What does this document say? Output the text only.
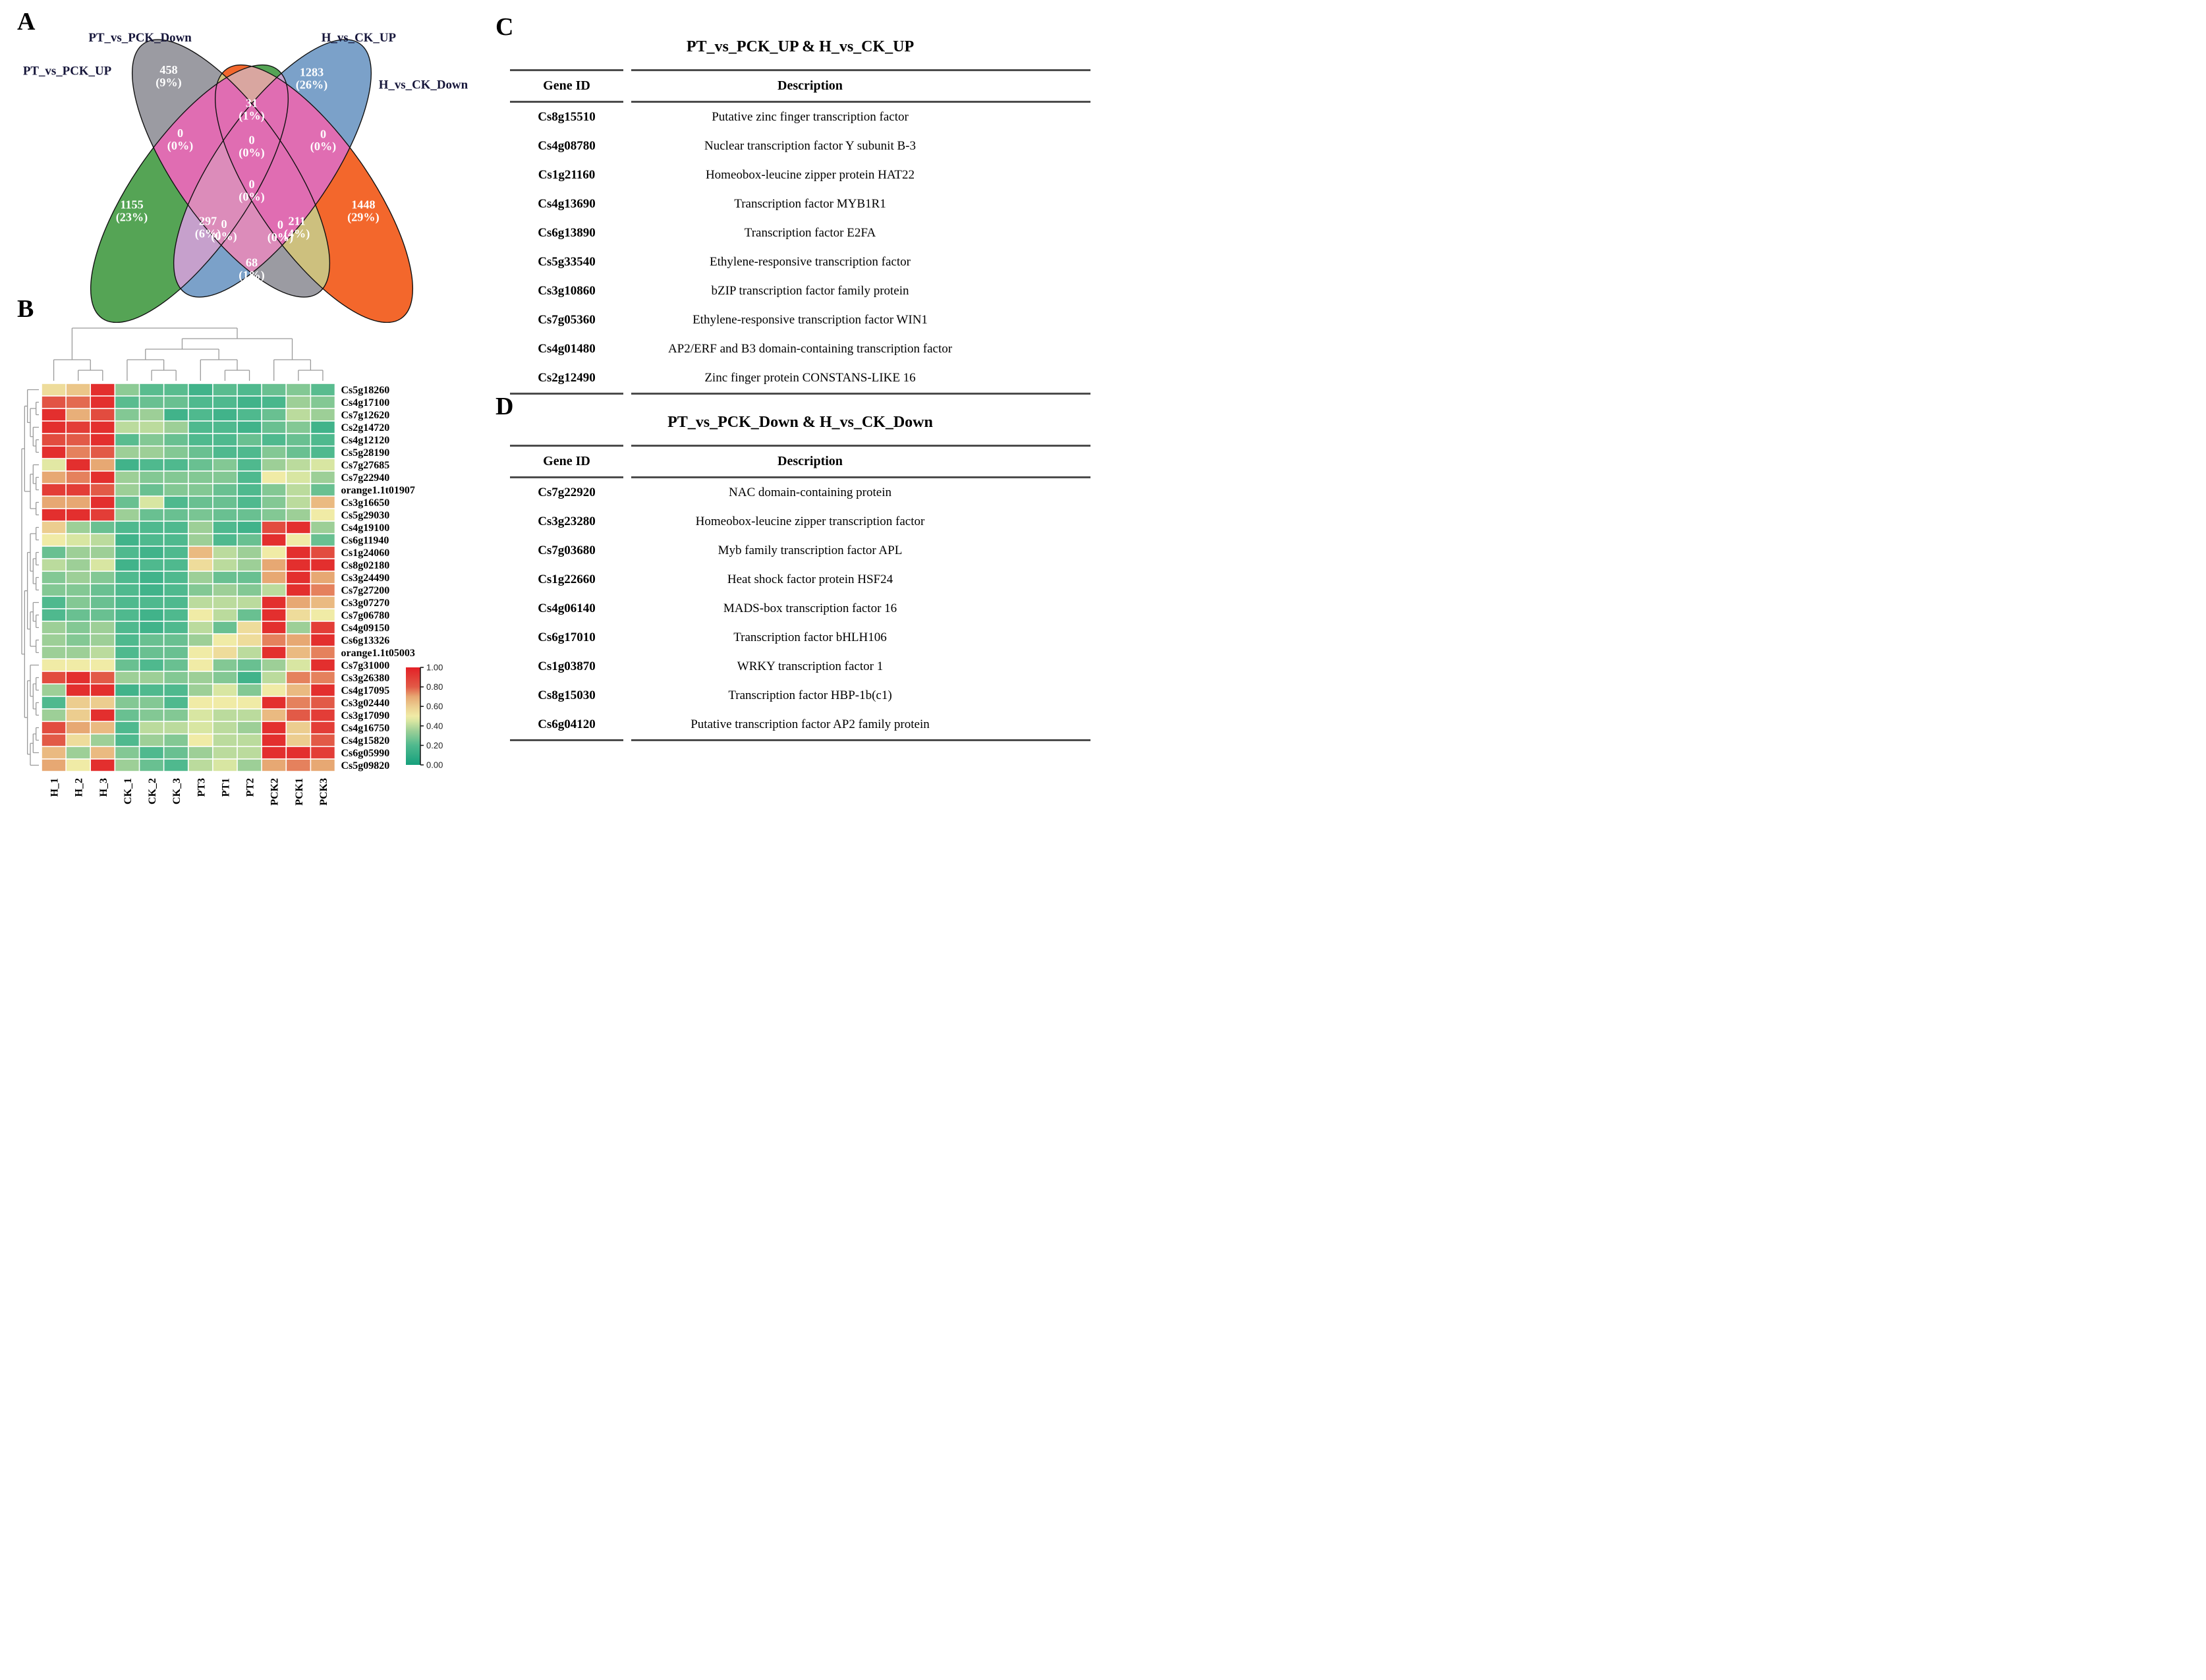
A
B
C
D
PT_vs_PCK_UP
PT_vs_PCK_Down	H_vs_CK_UP
H_vs_CK_Down
1155 (23%)
458 (9%)
1283 (26%)
1448 (29%)
0 (0%)
31 (1%)
0 (0%)
297 (6%)
211 (4%)
68 (1%)
0 (0%)
0 (0%)
0 (0%)
0 (0%)
Cs5g18260
Cs4g17100
Cs7g12620
Cs2g14720
Cs4g12120
Cs5g28190
Cs7g27685
Cs7g22940
orange1.1t01907
Cs3g16650
Cs5g29030
Cs4g19100
Cs6g11940
Cs1g24060
Cs8g02180
Cs3g24490
Cs7g27200
Cs3g07270
Cs7g06780
Cs4g09150
Cs6g13326
orange1.1t05003
Cs7g31000
Cs3g26380
Cs4g17095
Cs3g02440
Cs3g17090
Cs4g16750
Cs4g15820
Cs6g05990
Cs5g09820
H_1 H_2 H_3 CK_1 CK_2 CK_3 PT3 PT1 PT2 PCK2 PCK1 PCK3
1.00
0.80
0.60
0.40
0.20
0.00
PT_vs_PCK_UP & H_vs_CK_UP
Gene ID	Description
Cs8g15510	Putative zinc finger transcription factor
Cs4g08780	Nuclear transcription factor Y subunit B-3
Cs1g21160	Homeobox-leucine zipper protein HAT22
Cs4g13690	Transcription factor MYB1R1
Cs6g13890	Transcription factor E2FA
Cs5g33540	Ethylene-responsive transcription factor
Cs3g10860	bZIP transcription factor family protein
Cs7g05360	Ethylene-responsive transcription factor WIN1
Cs4g01480	AP2/ERF and B3 domain-containing transcription factor
Cs2g12490	Zinc finger protein CONSTANS-LIKE 16
PT_vs_PCK_Down & H_vs_CK_Down
Gene ID	Description
Cs7g22920	NAC domain-containing protein
Cs3g23280	Homeobox-leucine zipper transcription factor
Cs7g03680	Myb family transcription factor APL
Cs1g22660	Heat shock factor protein HSF24
Cs4g06140	MADS-box transcription factor 16
Cs6g17010	Transcription factor bHLH106
Cs1g03870	WRKY transcription factor 1
Cs8g15030	Transcription factor HBP-1b(c1)
Cs6g04120	Putative transcription factor AP2 family protein
